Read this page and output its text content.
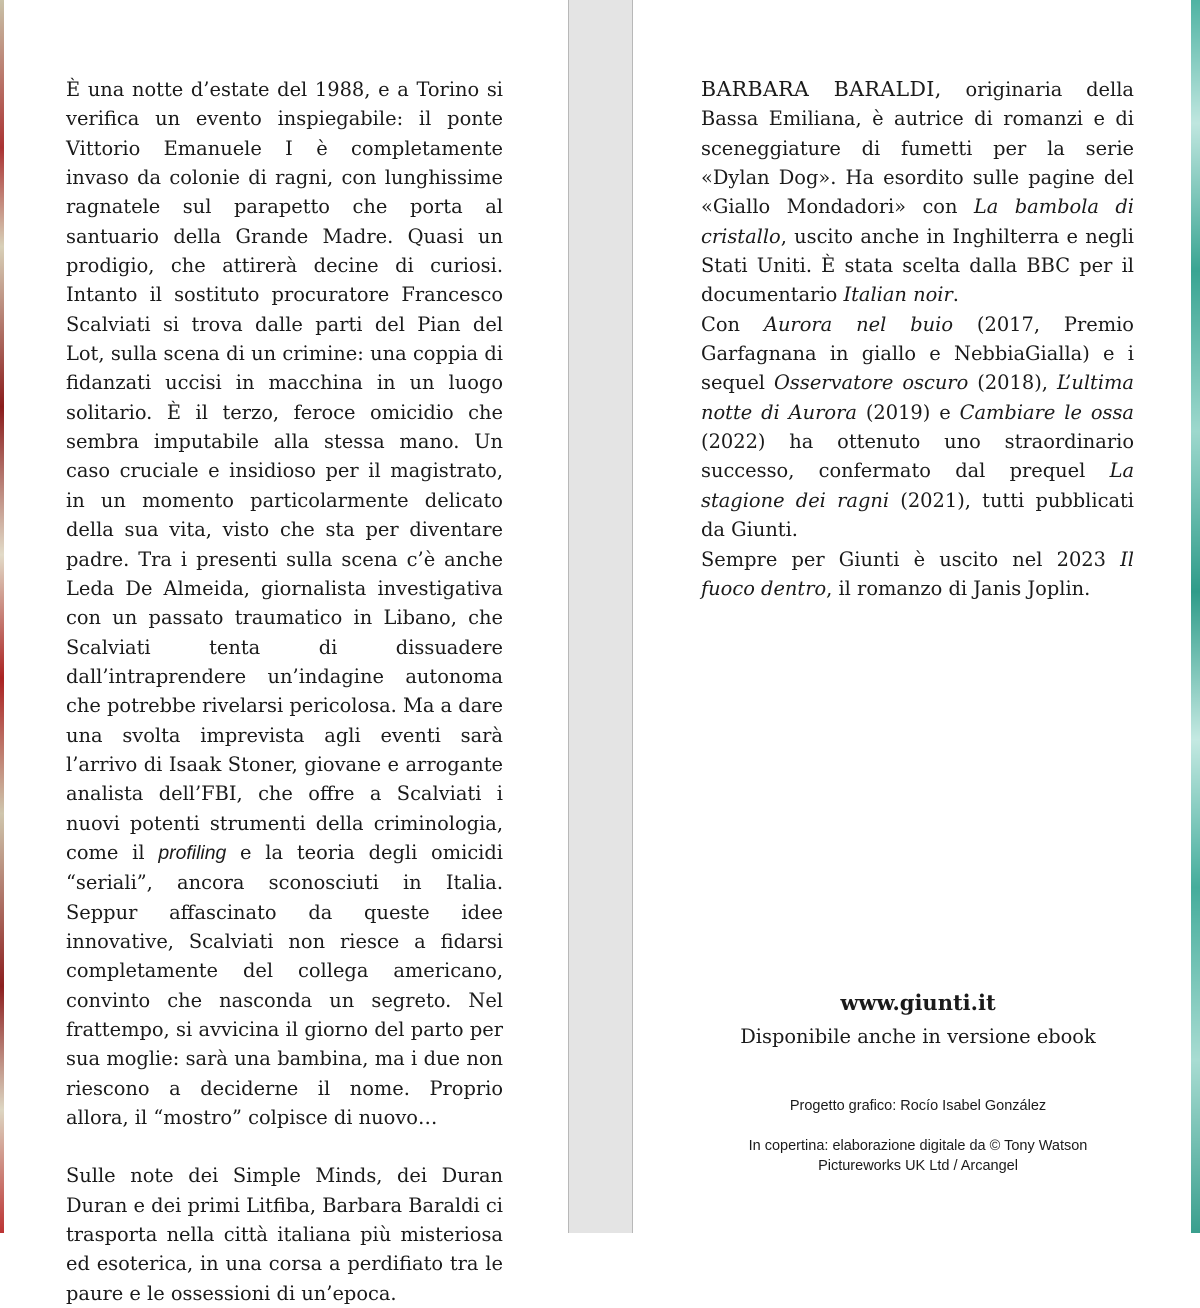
È una notte d’estate del 1988, e a Torino si verifica un evento inspiegabile: il ponte Vittorio Emanuele I è completamente invaso da colonie di ragni, con lunghissime ragnatele sul parapetto che porta al santuario della Grande Madre. Quasi un prodigio, che attirerà decine di curiosi. Intanto il sostituto procuratore Francesco Scalviati si trova dalle parti del Pian del Lot, sulla scena di un crimine: una coppia di fidanzati uccisi in macchina in un luogo solitario. È il terzo, feroce omicidio che sembra imputabile alla stessa mano. Un caso cruciale e insidioso per il magistrato, in un momento particolarmente delicato della sua vita, visto che sta per diventare padre. Tra i presenti sulla scena c’è anche Leda De Almeida, giornalista investigativa con un passato traumatico in Libano, che Scalviati tenta di dissuadere dall’intraprendere un’indagine autonoma che potrebbe rivelarsi pericolosa. Ma a dare una svolta imprevista agli eventi sarà l’arrivo di Isaak Stoner, giovane e arrogante analista dell’FBI, che offre a Scalviati i nuovi potenti strumenti della criminologia, come il profiling e la teoria degli omicidi “seriali”, ancora sconosciuti in Italia. Seppur affascinato da queste idee innovative, Scalviati non riesce a fidarsi completamente del collega americano, convinto che nasconda un segreto. Nel frattempo, si avvicina il giorno del parto per sua moglie: sarà una bambina, ma i due non riescono a deciderne il nome. Proprio allora, il “mostro” colpisce di nuovo…

Sulle note dei Simple Minds, dei Duran Duran e dei primi Litfiba, Barbara Baraldi ci trasporta nella città italiana più misteriosa ed esoterica, in una corsa a perdifiato tra le paure e le ossessioni di un’epoca.

BARBARA BARALDI, originaria della Bassa Emiliana, è autrice di romanzi e di sceneggiature di fumetti per la serie «Dylan Dog». Ha esordito sulle pagine del «Giallo Mondadori» con La bambola di cristallo, uscito anche in Inghilterra e negli Stati Uniti. È stata scelta dalla BBC per il documentario Italian noir.

Con Aurora nel buio (2017, Premio Garfagnana in giallo e NebbiaGialla) e i sequel Osservatore oscuro (2018), L’ultima notte di Aurora (2019) e Cambiare le ossa (2022) ha ottenuto uno straordinario successo, confermato dal prequel La stagione dei ragni (2021), tutti pubblicati da Giunti.

Sempre per Giunti è uscito nel 2023 Il fuoco dentro, il romanzo di Janis Joplin.

www.giunti.it
Disponibile anche in versione ebook
Progetto grafico: Rocío Isabel González
In copertina: elaborazione digitale da © Tony Watson
Pictureworks UK Ltd / Arcangel
